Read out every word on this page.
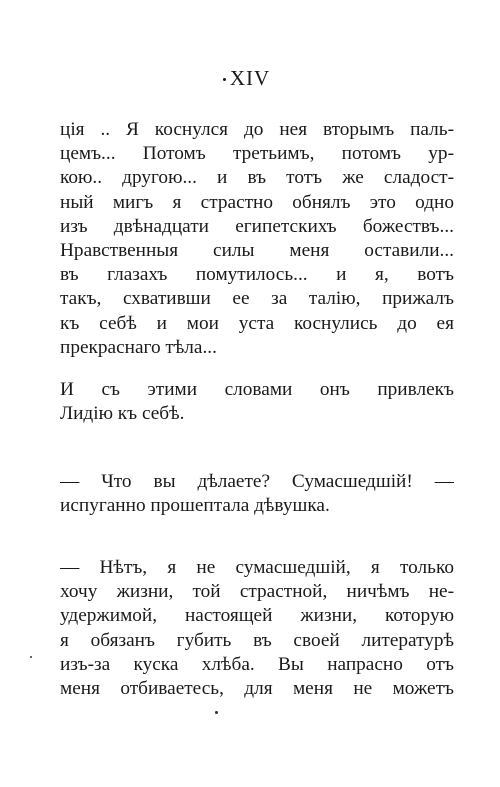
XIV
ція .. Я коснулся до нея вторымъ паль-
цемъ... Потомъ третьимъ, потомъ ур-
кою.. другою... и въ тотъ же сладост-
ный мигъ я страстно обнялъ это одно
изъ двѣнадцати египетскихъ божествъ...
Нравственныя силы меня оставили...
въ глазахъ помутилось... и я, вотъ
такъ, схвативши ее за талію, прижалъ
къ себѣ и мои уста коснулись до ея
прекраснаго тѣла...
И съ этими словами онъ привлекъ
Лидію къ себѣ.
— Что вы дѣлаете? Сумасшедшій! —
испуганно прошептала дѣвушка.
— Нѣтъ, я не сумасшедшій, я только
хочу жизни, той страстной, ничѣмъ не-
удержимой, настоящей жизни, которую
я обязанъ губить въ своей литературѣ
изъ-за куска хлѣба. Вы напрасно отъ
меня отбиваетесь, для меня не можетъ
